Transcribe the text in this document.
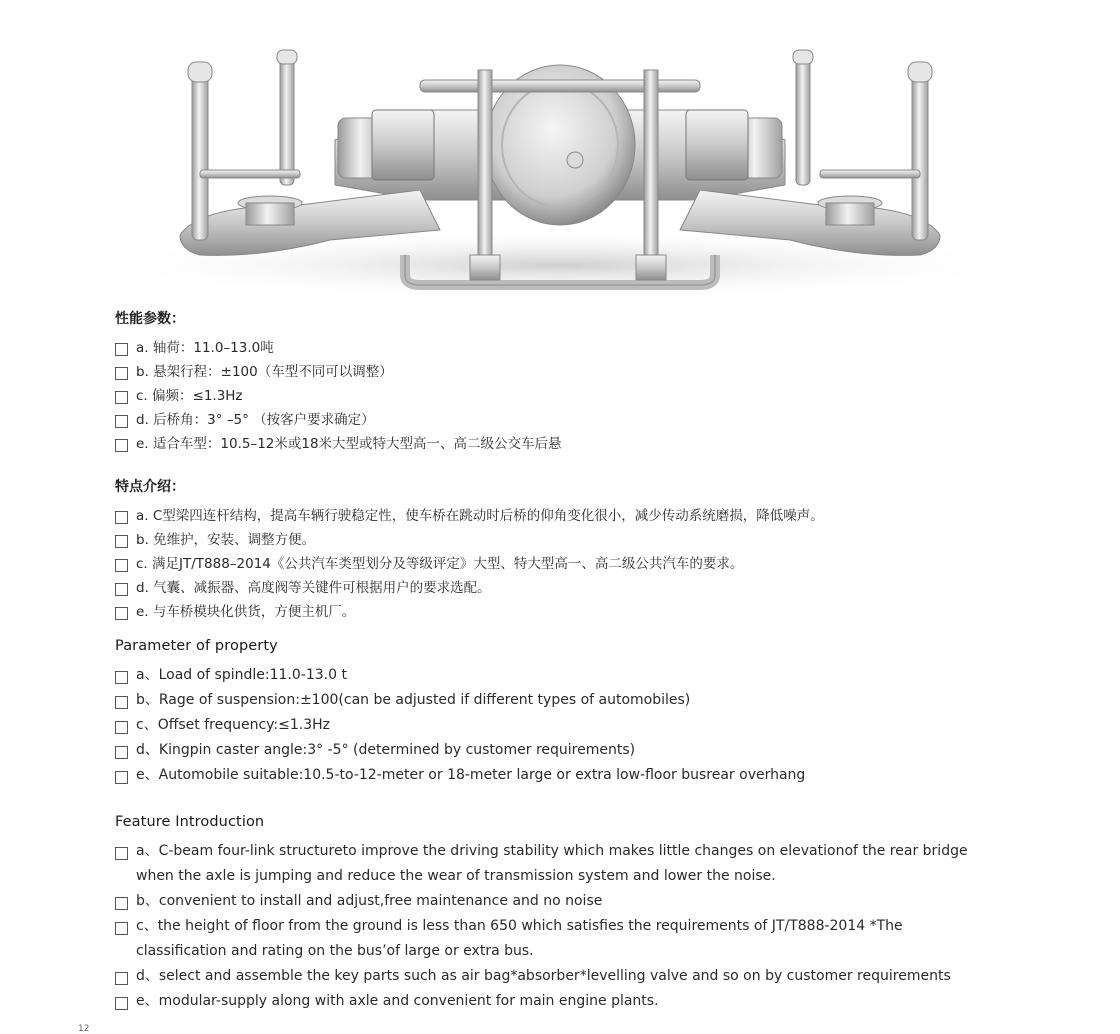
性能参数：
a. 轴荷：11.0–13.0吨
b. 悬架行程：±100（车型不同可以调整）
c. 偏频：≤1.3Hz
d. 后桥角：3° –5° （按客户要求确定）
e. 适合车型：10.5–12米或18米大型或特大型高一、高二级公交车后悬
特点介绍：
a. C型梁四连杆结构，提高车辆行驶稳定性，使车桥在跳动时后桥的仰角变化很小，减少传动系统磨损，降低噪声。
b. 免维护，安装、调整方便。
c. 满足JT/T888–2014《公共汽车类型划分及等级评定》大型、特大型高一、高二级公共汽车的要求。
d. 气囊、减振器、高度阀等关键件可根据用户的要求选配。
e. 与车桥模块化供货，方便主机厂。
Parameter of property
a、Load of spindle:11.0-13.0 t
b、Rage of suspension:±100(can be adjusted if different types of automobiles)
c、Offset frequency:≤1.3Hz
d、Kingpin caster angle:3° -5° (determined by customer requirements)
e、Automobile suitable:10.5-to-12-meter or 18-meter large or extra low-floor busrear overhang
Feature Introduction
a、C-beam four-link structureto improve the driving stability which makes little changes on elevationof the rear bridge when the axle is jumping and reduce the wear of transmission system and lower the noise.
b、convenient to install and adjust,free maintenance and no noise
c、the height of floor from the ground is less than 650 which satisfies the requirements of JT/T888-2014 *The classification and rating on the bus’of large or extra bus.
d、select and assemble the key parts such as air bag*absorber*levelling valve and so on by customer requirements
e、modular-supply along with axle and convenient for main engine plants.
12
